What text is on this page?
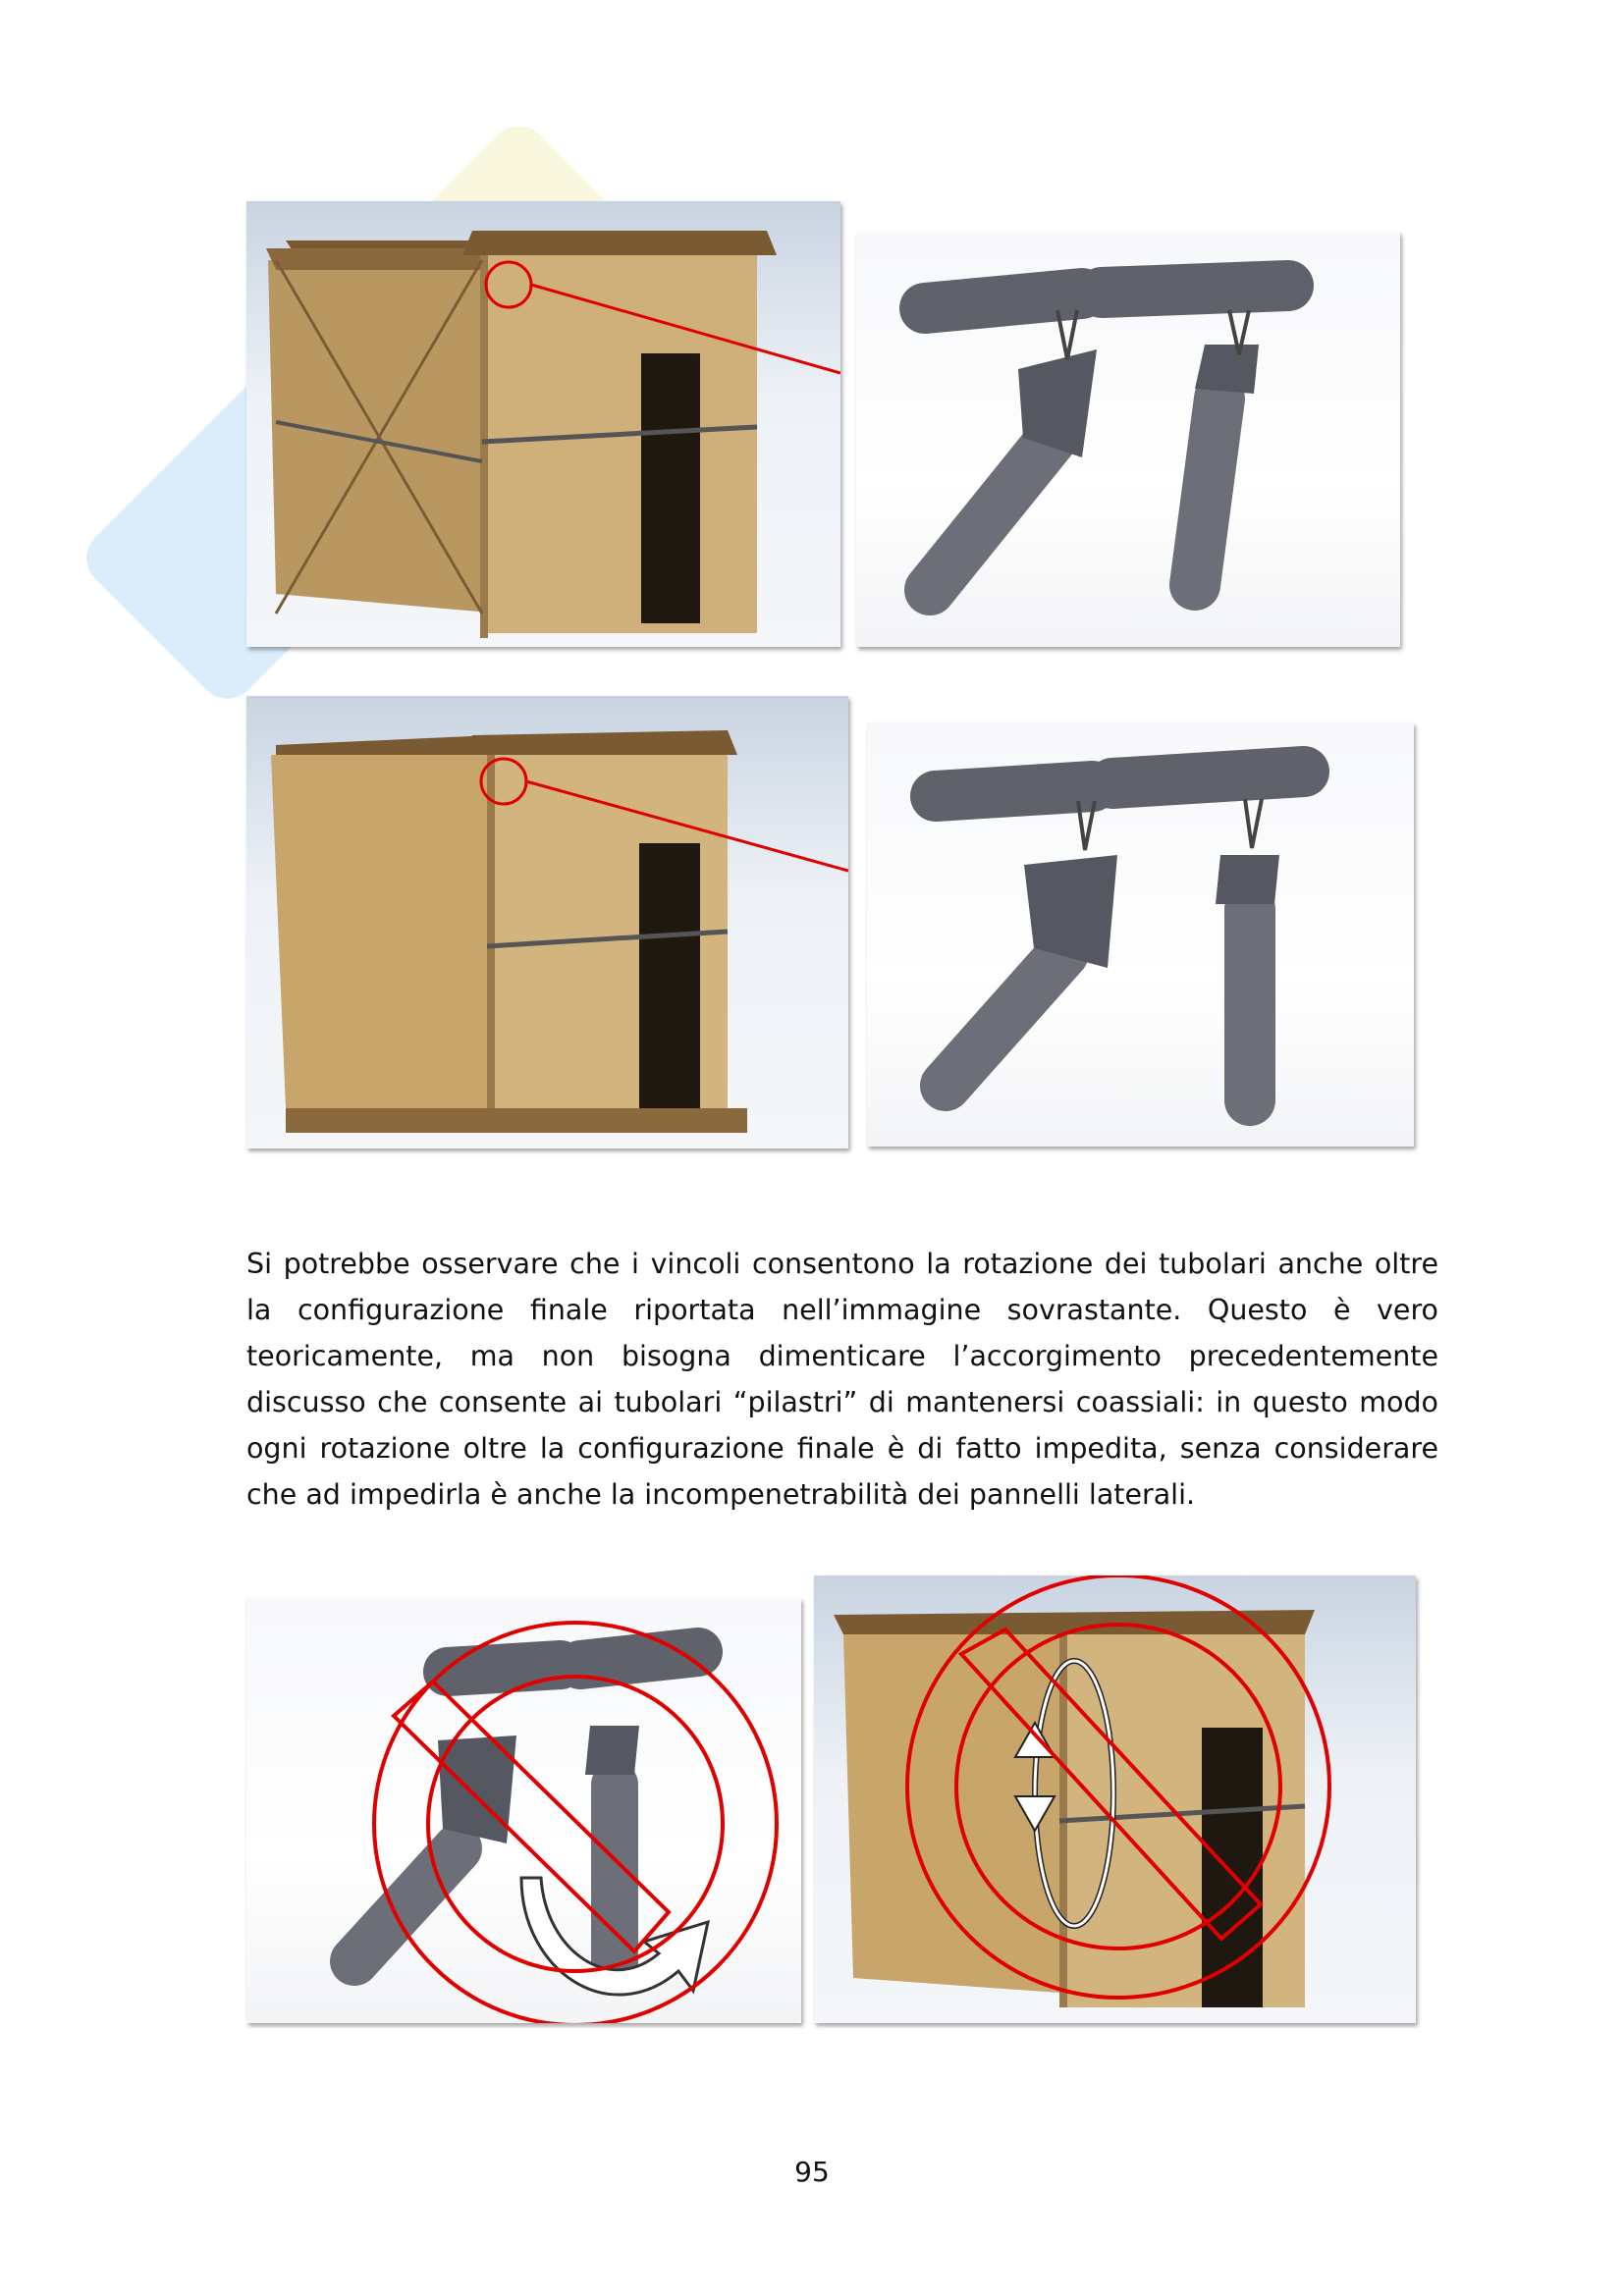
Si potrebbe osservare che i vincoli consentono la rotazione dei tubolari anche oltre la configurazione finale riportata nell’immagine sovrastante. Questo è vero teoricamente, ma non bisogna dimenticare l’accorgimento precedentemente discusso che consente ai tubolari “pilastri” di mantenersi coassiali: in questo modo ogni rotazione oltre la configurazione finale è di fatto impedita, senza considerare che ad impedirla è anche la incompenetrabilità dei pannelli laterali.

95
